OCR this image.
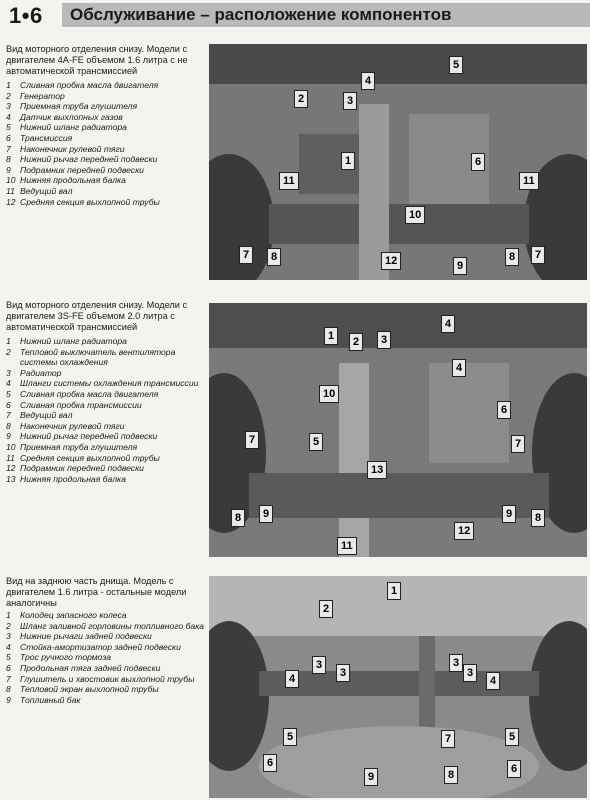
1•6 Обслуживание – расположение компонентов
Вид моторного отделения снизу. Модели с двигателем 4A-FE объемом 1.6 литра с не автоматической трансмиссией
1	Сливная пробка масла двигателя
2	Генератор
3	Приемная труба глушителя
4	Датчик выхлопных газов
5	Нижний шланг радиатора
6	Трансмиссия
7	Наконечник рулевой тяги
8	Нижний рычаг передней подвески
9	Подрамник передней подвески
10 Нижняя продольная балка
11 Ведущий вал
12 Средняя секция выхлопной трубы
5
4
2	3
1	6
11	11
10
7	8	12	9
8	7
Вид моторного отделения снизу. Модели с двигателем 3S-FE объемом 2.0 литра с автоматической трансмиссией
1	Нижний шланг радиатора
2	Тепловой выключатель вентилятора системы охлаждения
3	Радиатор
4	Шланги системы охлаждения трансмиссии
5	Сливная пробка масла двигателя
6	Сливная пробка трансмиссии
7	Ведущий вал
8	Наконечник рулевой тяги
9	Нижний рычаг передней подвески
10 Приемная труба глушителя
11 Средняя секция выхлопной трубы
12 Подрамник передней подвески
13 Нижняя продольная балка
4
1	2	3
4
10
6
5
7	7
13
8	9	9	8
12
11
Вид на заднюю часть днища. Модель с двигателем 1.6 литра - остальные модели аналогичны
1	Колодец запасного колеса
2	Шланг заливной горловины топливного бака
3	Нижние рычаги задней подвески
4	Стойка-амортизатор задней подвески
5	Трос ручного тормоза
6	Продольная тяга задней подвески
7	Глушитель и хвостовик выхлопной трубы
8	Тепловой экран выхлопной трубы
9	Топливный бак
1
2
3
3
3
3
4	4
5	5
7
8
9
6	6
